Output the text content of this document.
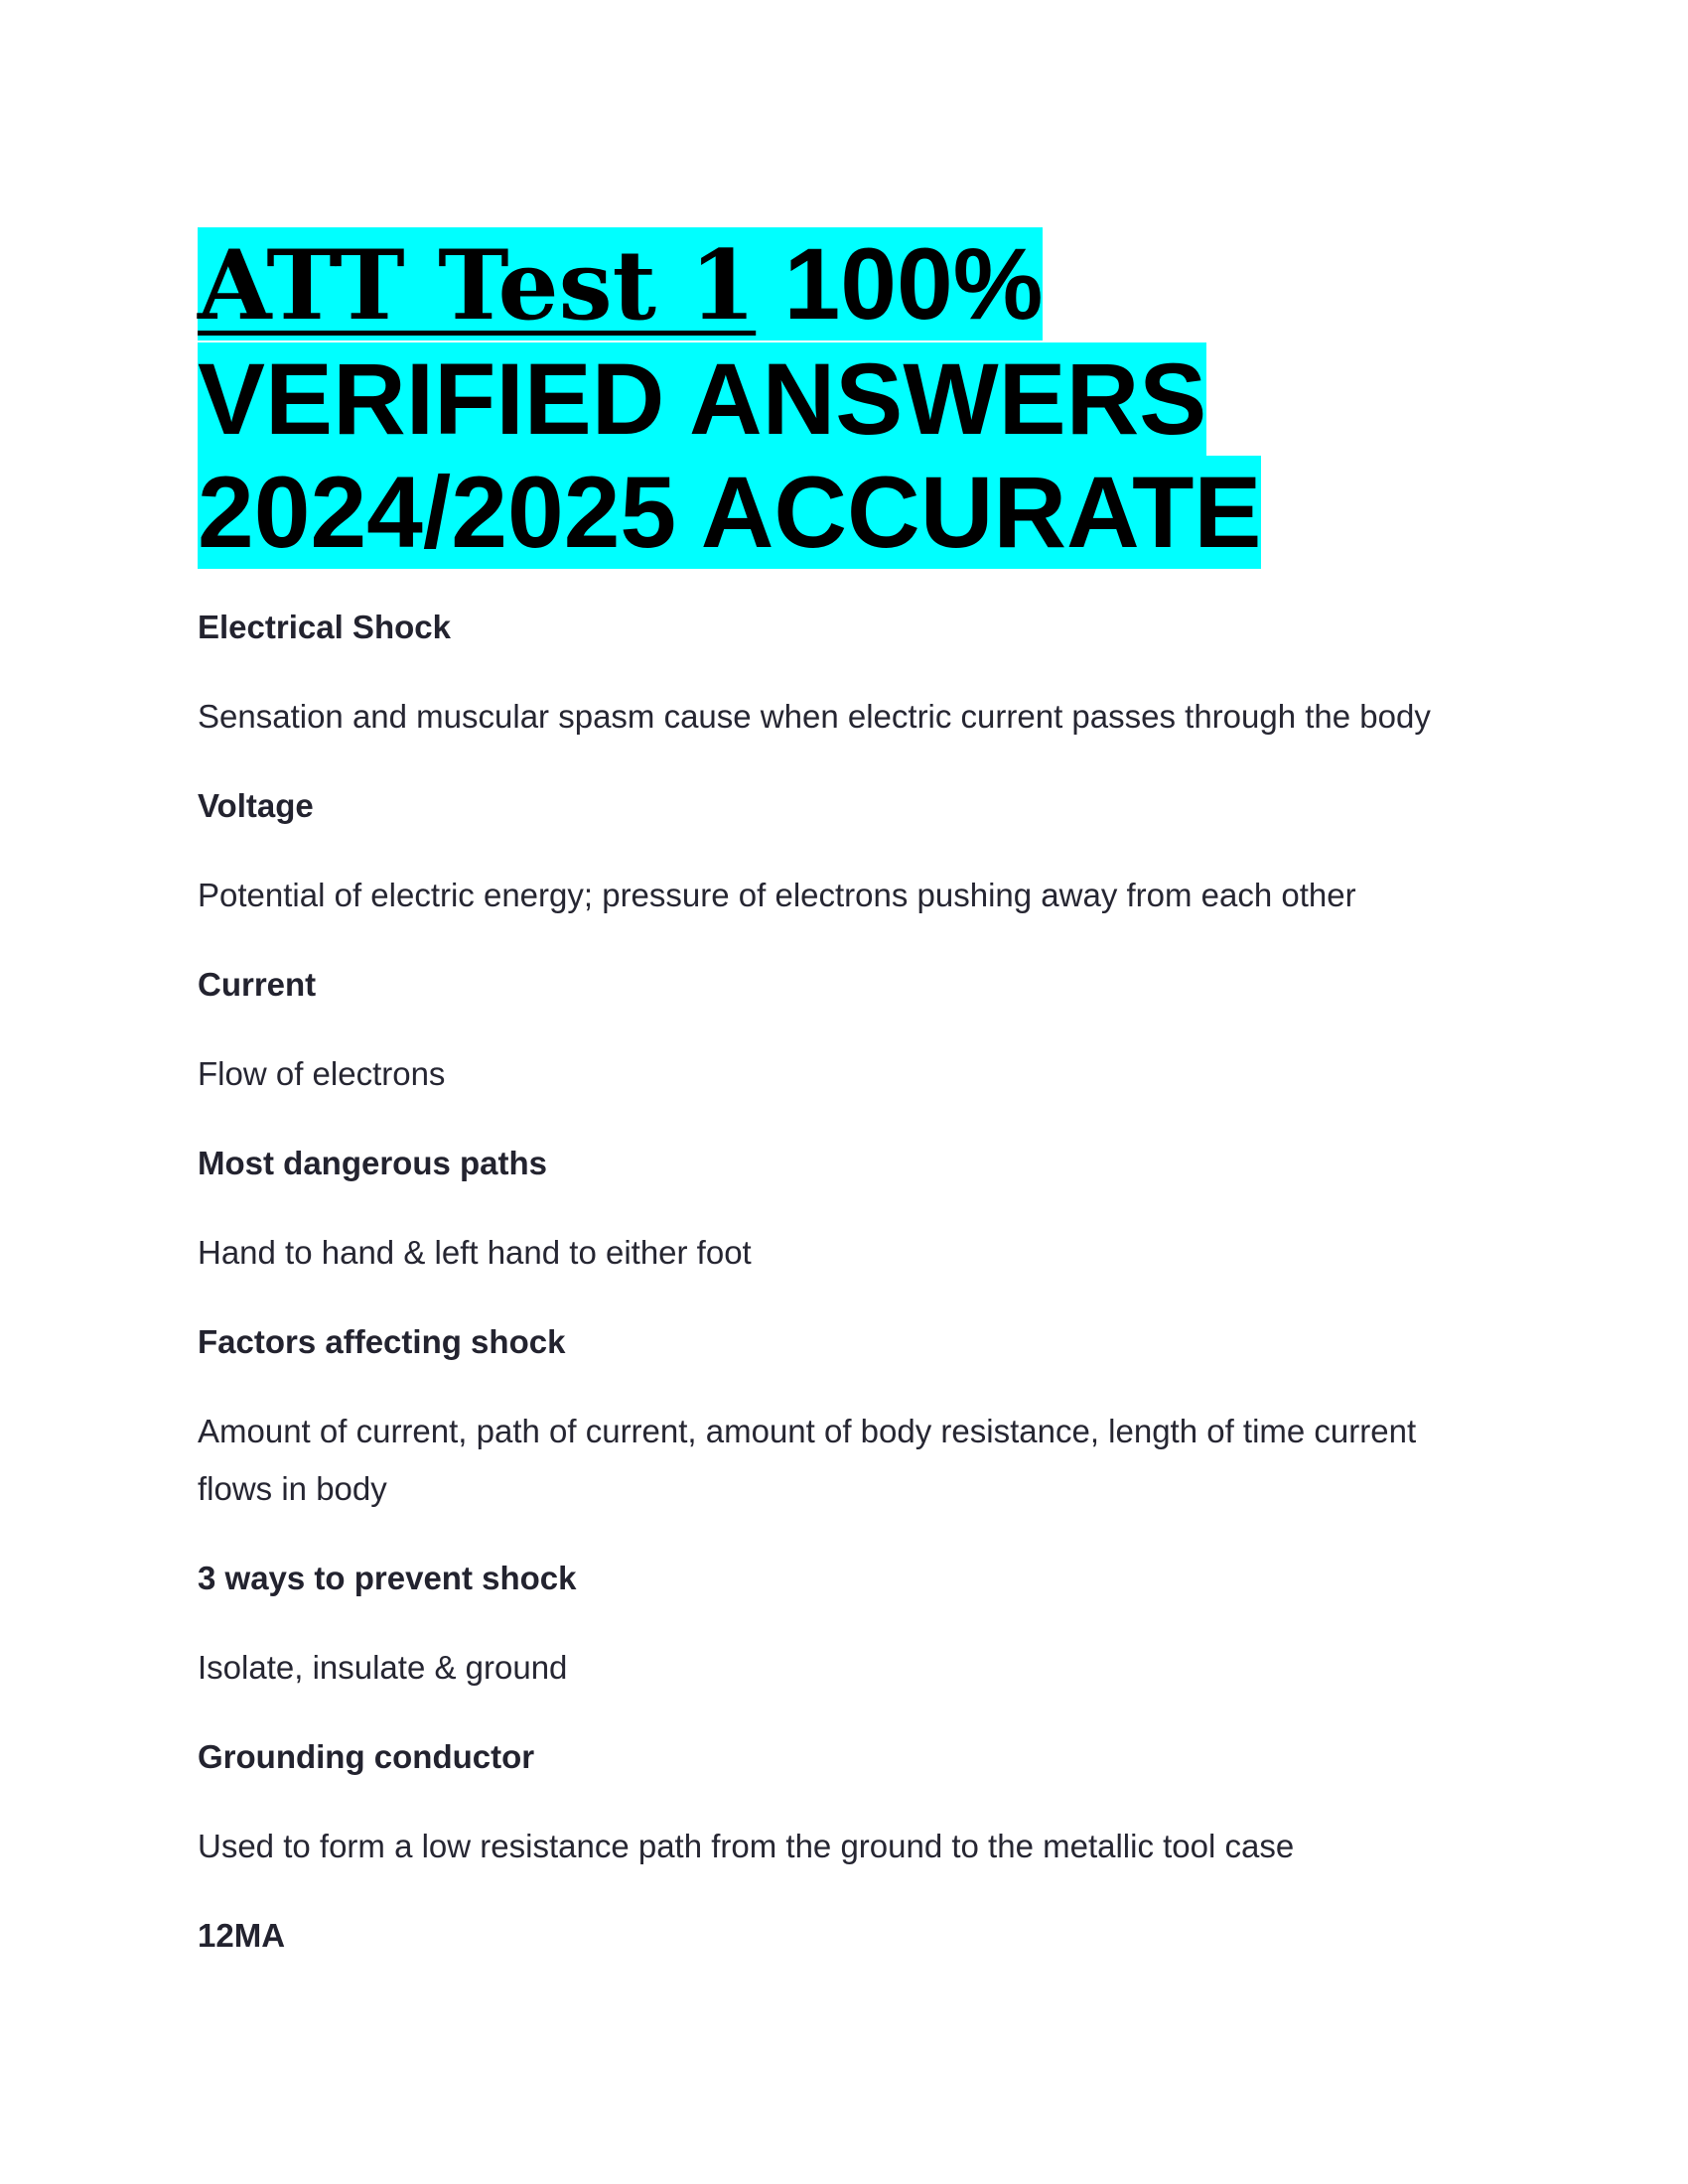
ATT Test 1 100% VERIFIED ANSWERS 2024/2025 ACCURATE

Electrical Shock

Sensation and muscular spasm cause when electric current passes through the body

Voltage

Potential of electric energy; pressure of electrons pushing away from each other

Current

Flow of electrons

Most dangerous paths

Hand to hand & left hand to either foot

Factors affecting shock

Amount of current, path of current, amount of body resistance, length of time current flows in body

3 ways to prevent shock

Isolate, insulate & ground

Grounding conductor

Used to form a low resistance path from the ground to the metallic tool case

12MA
